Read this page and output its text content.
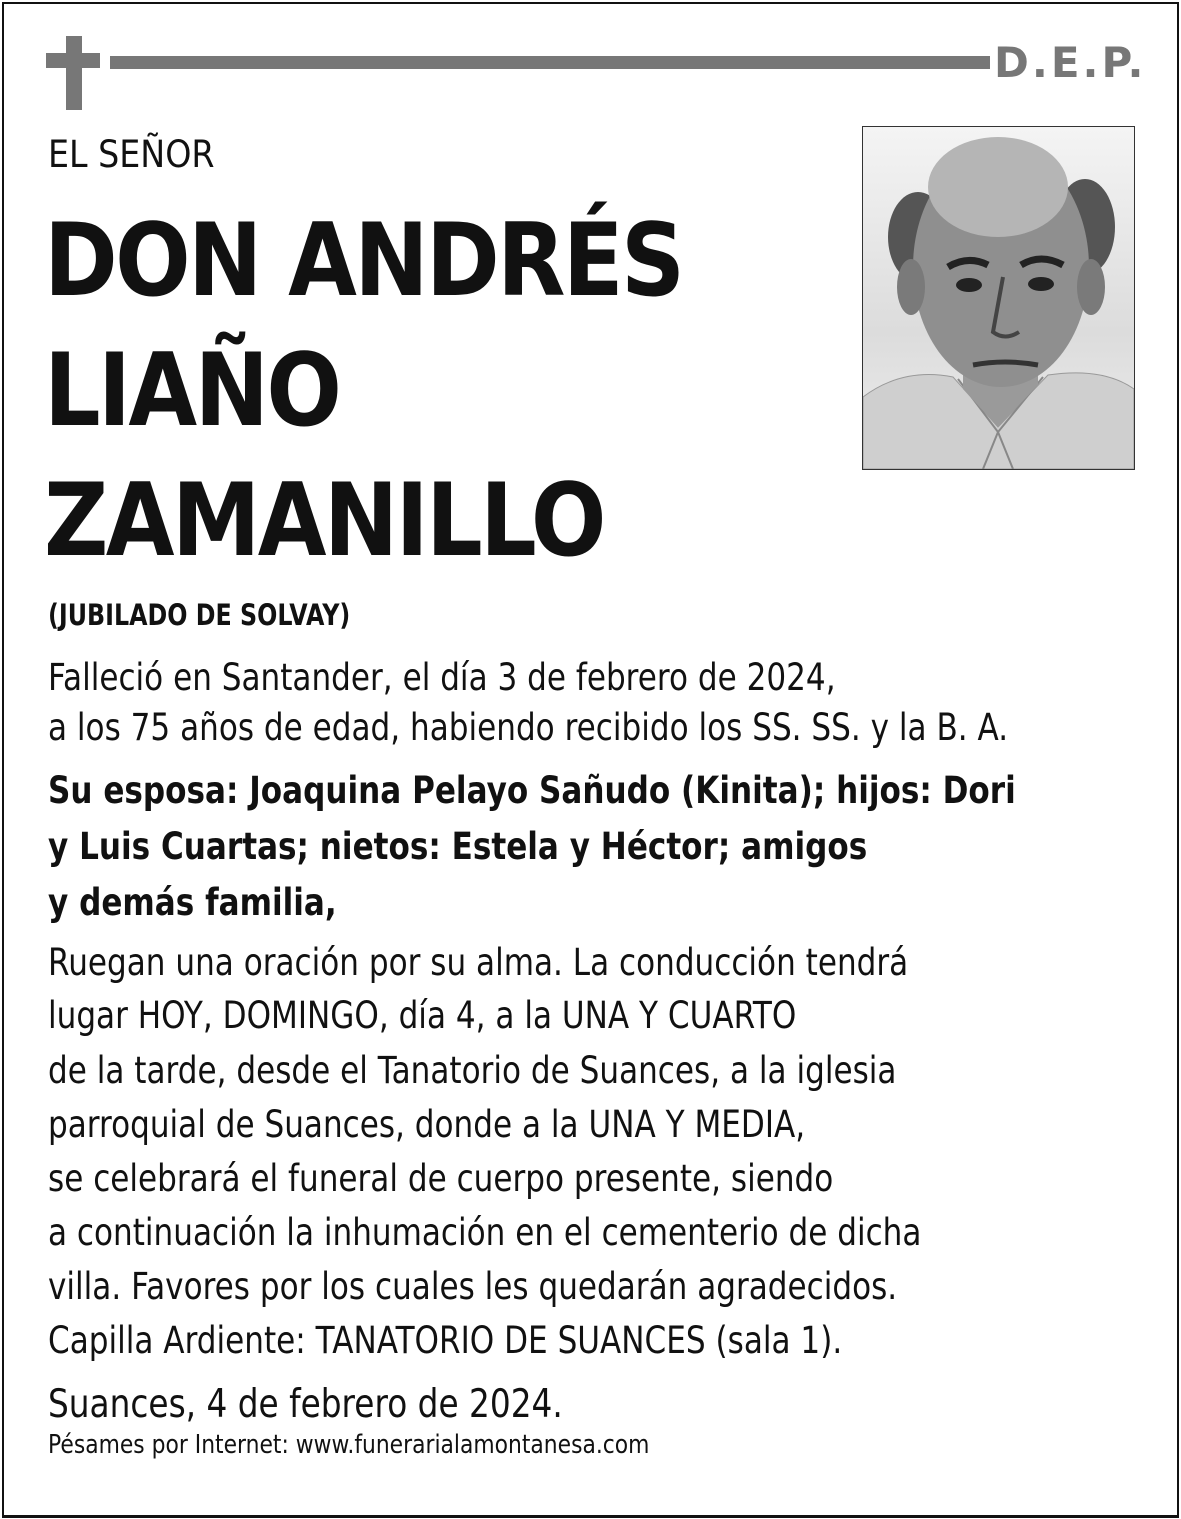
D.E.P.
EL SEÑOR
DON ANDRÉS
LIAÑO
ZAMANILLO
(JUBILADO DE SOLVAY)
Falleció en Santander, el día 3 de febrero de 2024,
a los 75 años de edad, habiendo recibido los SS. SS. y la B. A.
Su esposa: Joaquina Pelayo Sañudo (Kinita); hijos: Dori
y Luis Cuartas; nietos: Estela y Héctor; amigos
y demás familia,
Ruegan una oración por su alma. La conducción tendrá
lugar HOY, DOMINGO, día 4, a la UNA Y CUARTO
de la tarde, desde el Tanatorio de Suances, a la iglesia
parroquial de Suances, donde a la UNA Y MEDIA,
se celebrará el funeral de cuerpo presente, siendo
a continuación la inhumación en el cementerio de dicha
villa. Favores por los cuales les quedarán agradecidos.
Capilla Ardiente: TANATORIO DE SUANCES (sala 1).
Suances, 4 de febrero de 2024.
Pésames por Internet: www.funerarialamontanesa.com
